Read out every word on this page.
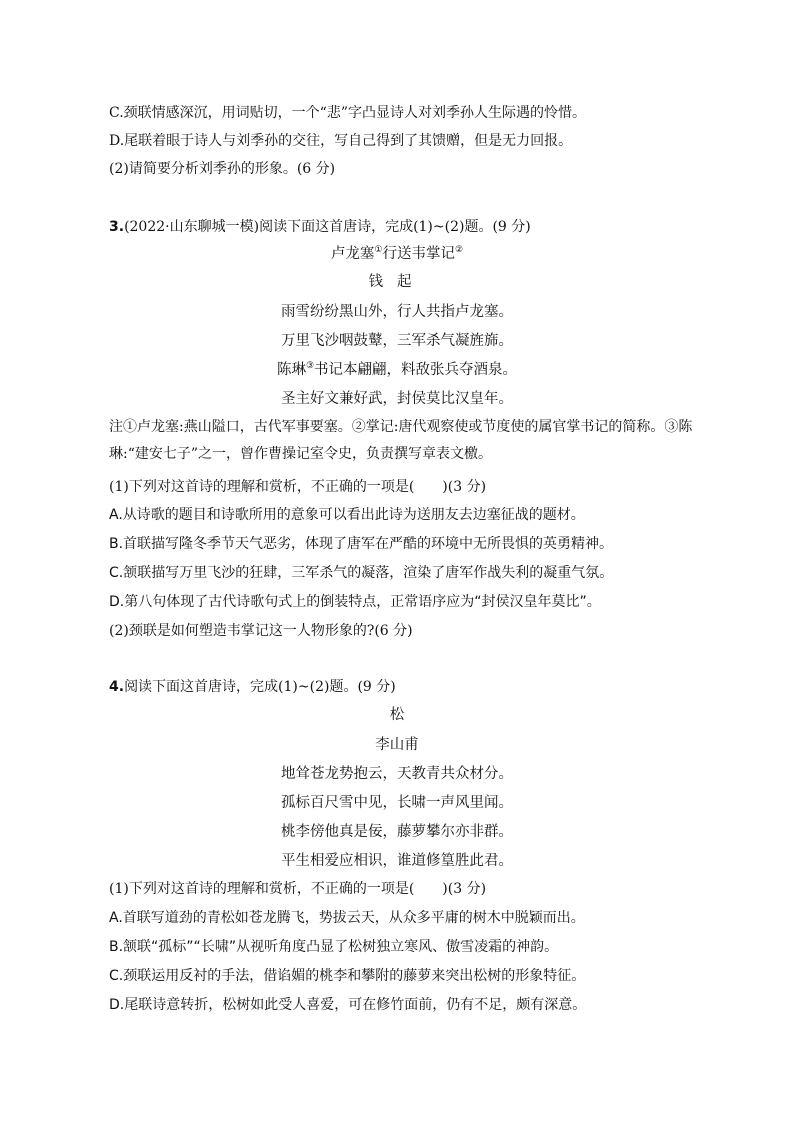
C.颈联情感深沉，用词贴切，一个“悲”字凸显诗人对刘季孙人生际遇的怜惜。
D.尾联着眼于诗人与刘季孙的交往，写自己得到了其馈赠，但是无力回报。
(2)请简要分析刘季孙的形象。(6 分)
3.(2022·山东聊城一模)阅读下面这首唐诗，完成(1)~(2)题。(9 分)
卢龙塞①行送韦掌记②
钱起
雨雪纷纷黑山外，行人共指卢龙塞。
万里飞沙咽鼓鼙，三军杀气凝旌旆。
陈琳③书记本翩翩，料敌张兵夺酒泉。
圣主好文兼好武，封侯莫比汉皇年。
注①卢龙塞:燕山隘口，古代军事要塞。②掌记:唐代观察使或节度使的属官掌书记的简称。③陈琳:“建安七子”之一，曾作曹操记室令史，负责撰写章表文檄。
(1)下列对这首诗的理解和赏析，不正确的一项是(　　)(3 分)
A.从诗歌的题目和诗歌所用的意象可以看出此诗为送朋友去边塞征战的题材。
B.首联描写隆冬季节天气恶劣，体现了唐军在严酷的环境中无所畏惧的英勇精神。
C.颔联描写万里飞沙的狂肆，三军杀气的凝落，渲染了唐军作战失利的凝重气氛。
D.第八句体现了古代诗歌句式上的倒装特点，正常语序应为“封侯汉皇年莫比”。
(2)颈联是如何塑造韦掌记这一人物形象的?(6 分)
4.阅读下面这首唐诗，完成(1)~(2)题。(9 分)
松
李山甫
地耸苍龙势抱云，天教青共众材分。
孤标百尺雪中见，长啸一声风里闻。
桃李傍他真是佞，藤萝攀尔亦非群。
平生相爱应相识，谁道修篁胜此君。
(1)下列对这首诗的理解和赏析，不正确的一项是(　　)(3 分)
A.首联写道劲的青松如苍龙腾飞，势拔云天，从众多平庸的树木中脱颖而出。
B.颔联“孤标”“长啸”从视听角度凸显了松树独立寒风、傲雪凌霜的神韵。
C.颈联运用反衬的手法，借谄媚的桃李和攀附的藤萝来突出松树的形象特征。
D.尾联诗意转折，松树如此受人喜爱，可在修竹面前，仍有不足，颇有深意。
